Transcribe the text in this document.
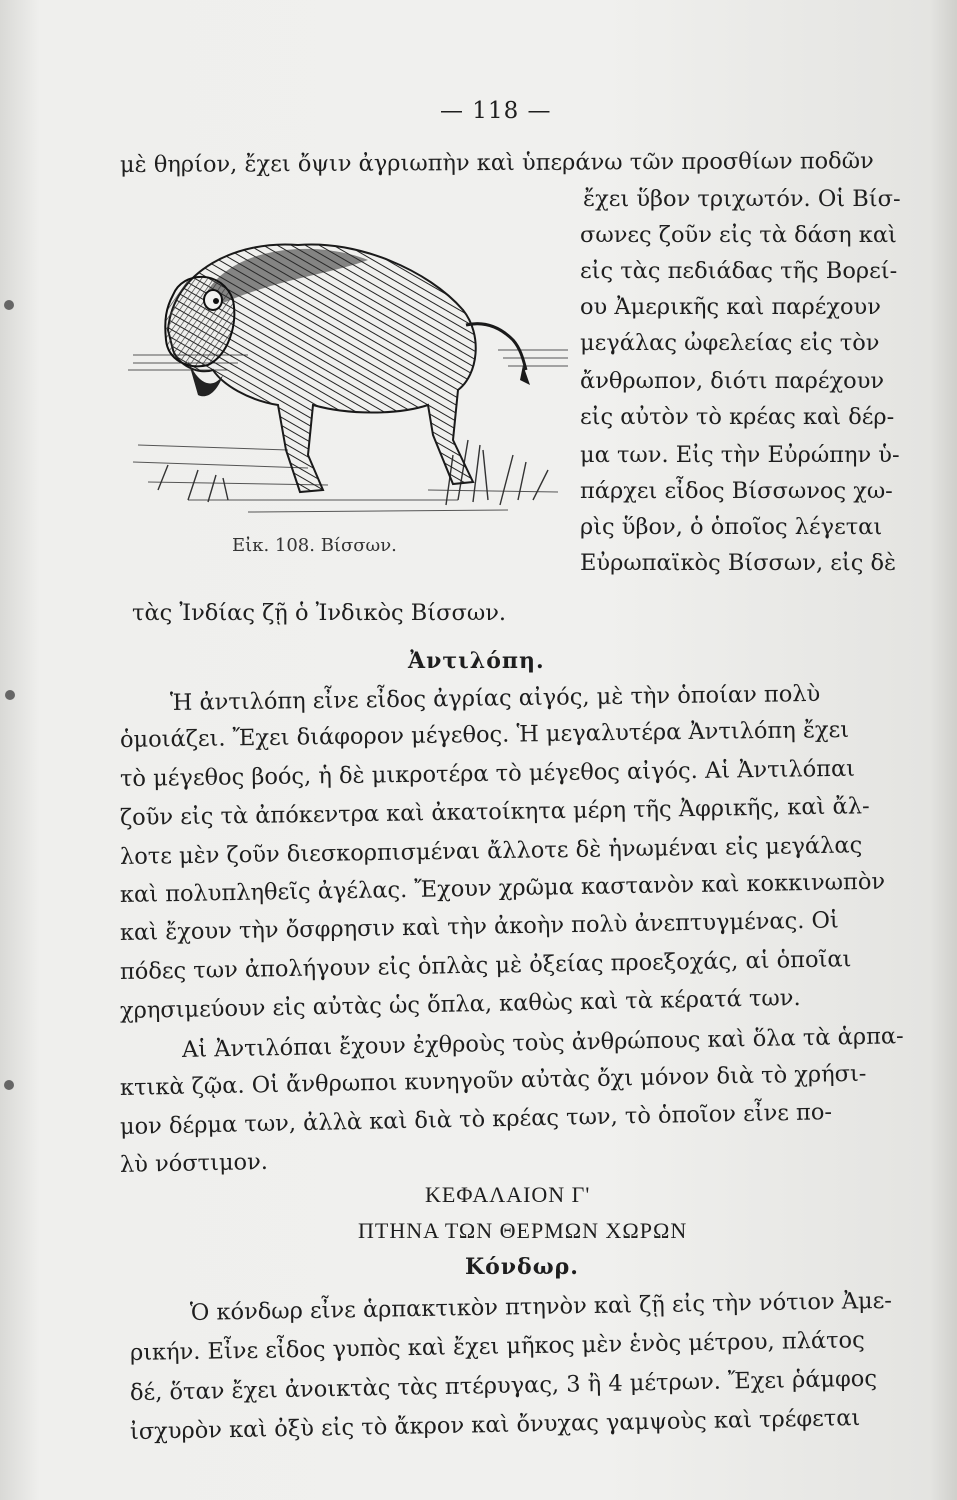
— 118 —
μὲ θηρίον, ἔχει ὄψιν ἀγριωπὴν καὶ ὑπεράνω τῶν προσθίων ποδῶν
Εἰκ. 108. Βίσσων.
ἔχει ὕβον τριχωτόν. Οἱ Βίσ-
σωνες ζοῦν εἰς τὰ δάση καὶ
εἰς τὰς πεδιάδας τῆς Βορεί-
ου Ἀμερικῆς καὶ παρέχουν
μεγάλας ὠφελείας εἰς τὸν
ἄνθρωπον, διότι παρέχουν
εἰς αὐτὸν τὸ κρέας καὶ δέρ-
μα των. Εἰς τὴν Εὐρώπην ὑ-
πάρχει εἶδος Βίσσωνος χω-
ρὶς ὕβον, ὁ ὁποῖος λέγεται
Εὐρωπαϊκὸς Βίσσων, εἰς δὲ
τὰς Ἰνδίας ζῇ ὁ Ἰνδικὸς Βίσσων.
Ἀντιλόπη.
Ἡ ἀντιλόπη εἶνε εἶδος ἀγρίας αἰγός, μὲ τὴν ὁποίαν πολὺ
ὁμοιάζει. Ἔχει διάφορον μέγεθος. Ἡ μεγαλυτέρα Ἀντιλόπη ἔχει
τὸ μέγεθος βοός, ἡ δὲ μικροτέρα τὸ μέγεθος αἰγός. Αἱ Ἀντιλόπαι
ζοῦν εἰς τὰ ἀπόκεντρα καὶ ἀκατοίκητα μέρη τῆς Ἀφρικῆς, καὶ ἄλ-
λοτε μὲν ζοῦν διεσκορπισμέναι ἄλλοτε δὲ ἡνωμέναι εἰς μεγάλας
καὶ πολυπληθεῖς ἀγέλας. Ἔχουν χρῶμα καστανὸν καὶ κοκκινωπὸν
καὶ ἔχουν τὴν ὄσφρησιν καὶ τὴν ἀκοὴν πολὺ ἀνεπτυγμένας. Οἱ
πόδες των ἀπολήγουν εἰς ὁπλὰς μὲ ὀξείας προεξοχάς, αἱ ὁποῖαι
χρησιμεύουν εἰς αὐτὰς ὡς ὅπλα, καθὼς καὶ τὰ κέρατά των.
Αἱ Ἀντιλόπαι ἔχουν ἐχθροὺς τοὺς ἀνθρώπους καὶ ὅλα τὰ ἁρπα-
κτικὰ ζῷα. Οἱ ἄνθρωποι κυνηγοῦν αὐτὰς ὄχι μόνον διὰ τὸ χρήσι-
μον δέρμα των, ἀλλὰ καὶ διὰ τὸ κρέας των, τὸ ὁποῖον εἶνε πο-
λὺ νόστιμον.
ΚΕΦΑΛΑΙΟΝ Γ'
ΠΤΗΝΑ ΤΩΝ ΘΕΡΜΩΝ ΧΩΡΩΝ
Κόνδωρ.
Ὁ κόνδωρ εἶνε ἁρπακτικὸν πτηνὸν καὶ ζῇ εἰς τὴν νότιον Ἀμε-
ρικήν. Εἶνε εἶδος γυπὸς καὶ ἔχει μῆκος μὲν ἑνὸς μέτρου, πλάτος
δέ, ὅταν ἔχει ἀνοικτὰς τὰς πτέρυγας, 3 ἢ 4 μέτρων. Ἔχει ῥάμφος
ἰσχυρὸν καὶ ὀξὺ εἰς τὸ ἄκρον καὶ ὄνυχας γαμψοὺς καὶ τρέφεται
